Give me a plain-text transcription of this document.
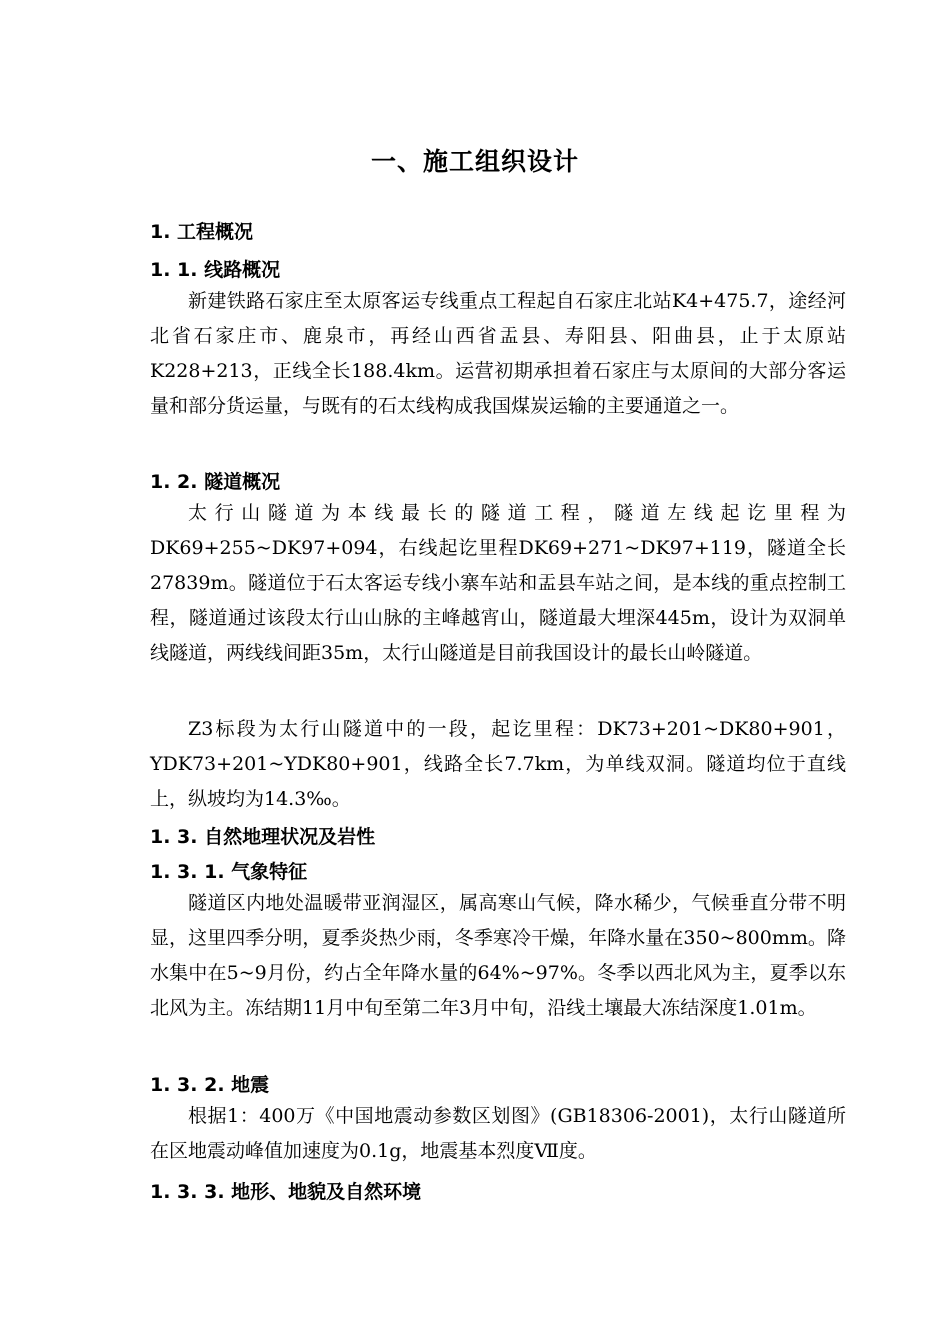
一、施工组织设计
1. 工程概况
1. 1. 线路概况
新建铁路石家庄至太原客运专线重点工程起自石家庄北站K4+475.7，途经河北省石家庄市、鹿泉市，再经山西省盂县、寿阳县、阳曲县，止于太原站K228+213，正线全长188.4km。运营初期承担着石家庄与太原间的大部分客运量和部分货运量，与既有的石太线构成我国煤炭运输的主要通道之一。
1. 2. 隧道概况
太行山隧道为本线最长的隧道工程，隧道左线起讫里程为DK69+255~DK97+094，右线起讫里程DK69+271~DK97+119，隧道全长27839m。隧道位于石太客运专线小寨车站和盂县车站之间，是本线的重点控制工程，隧道通过该段太行山山脉的主峰越宵山，隧道最大埋深445m，设计为双洞单线隧道，两线线间距35m，太行山隧道是目前我国设计的最长山岭隧道。
Z3标段为太行山隧道中的一段，起讫里程：DK73+201~DK80+901，YDK73+201~YDK80+901，线路全长7.7km，为单线双洞。隧道均位于直线上，纵坡均为14.3‰。
1. 3. 自然地理状况及岩性
1. 3. 1. 气象特征
隧道区内地处温暖带亚润湿区，属高寒山气候，降水稀少，气候垂直分带不明显，这里四季分明，夏季炎热少雨，冬季寒冷干燥，年降水量在350~800mm。降水集中在5~9月份，约占全年降水量的64%~97%。冬季以西北风为主，夏季以东北风为主。冻结期11月中旬至第二年3月中旬，沿线土壤最大冻结深度1.01m。
1. 3. 2. 地震
根据1：400万《中国地震动参数区划图》(GB18306-2001)，太行山隧道所在区地震动峰值加速度为0.1g，地震基本烈度Ⅶ度。
1. 3. 3. 地形、地貌及自然环境
